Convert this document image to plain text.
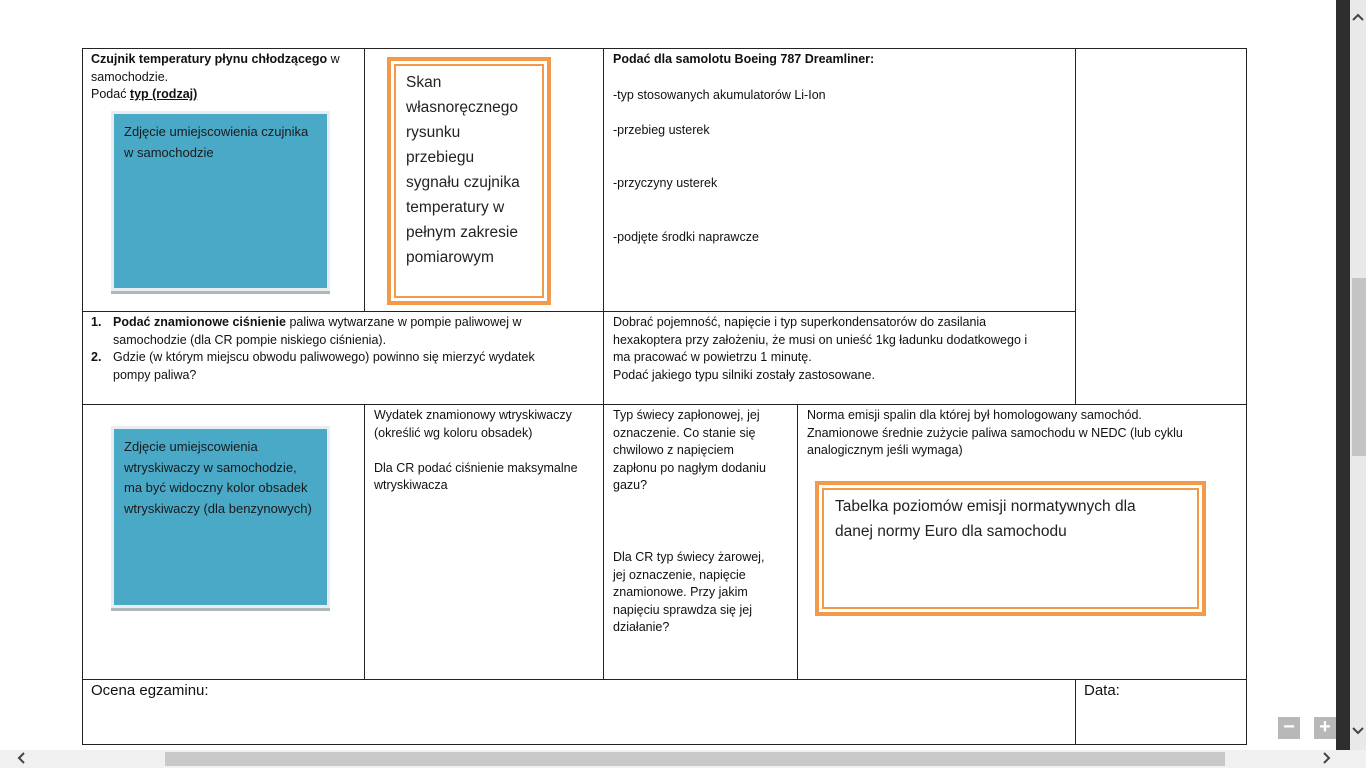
Czujnik temperatury płynu chłodzącego w samochodzie.

Podać typ (rodzaj)

Zdjęcie umiejscowienia czujnika w samochodzie
Skan
własnoręcznego
rysunku
przebiegu
sygnału czujnika
temperatury w
pełnym zakresie
pomiarowym
Podać dla samolotu Boeing 787 Dreamliner:
-typ stosowanych akumulatorów Li-Ion
-przebieg usterek
-przyczyny usterek
-podjęte środki naprawcze
1. Podać znamionowe ciśnienie paliwa wytwarzane w pompie paliwowej w
samochodzie (dla CR pompie niskiego ciśnienia).
2. Gdzie (w którym miejscu obwodu paliwowego) powinno się mierzyć wydatek
pompy paliwa?
Dobrać pojemność, napięcie i typ superkondensatorów do zasilania
hexakoptera przy założeniu, że musi on unieść 1kg ładunku dodatkowego i
ma pracować w powietrzu 1 minutę.
Podać jakiego typu silniki zostały zastosowane.
Zdjęcie umiejscowienia wtryskiwaczy w samochodzie, ma być widoczny kolor obsadek wtryskiwaczy (dla benzynowych)
Wydatek znamionowy wtryskiwaczy
(określić wg koloru obsadek)
Dla CR podać ciśnienie maksymalne
wtryskiwacza
Typ świecy zapłonowej, jej
oznaczenie. Co stanie się
chwilowo z napięciem
zapłonu po nagłym dodaniu
gazu?
Dla CR typ świecy żarowej,
jej oznaczenie, napięcie
znamionowe. Przy jakim
napięciu sprawdza się jej
działanie?
Norma emisji spalin dla której był homologowany samochód.
Znamionowe średnie zużycie paliwa samochodu w NEDC (lub cyklu
analogicznym jeśli wymaga)
Tabelka poziomów emisji normatywnych dla
danej normy Euro dla samochodu
Ocena egzaminu:	Data:
− +
